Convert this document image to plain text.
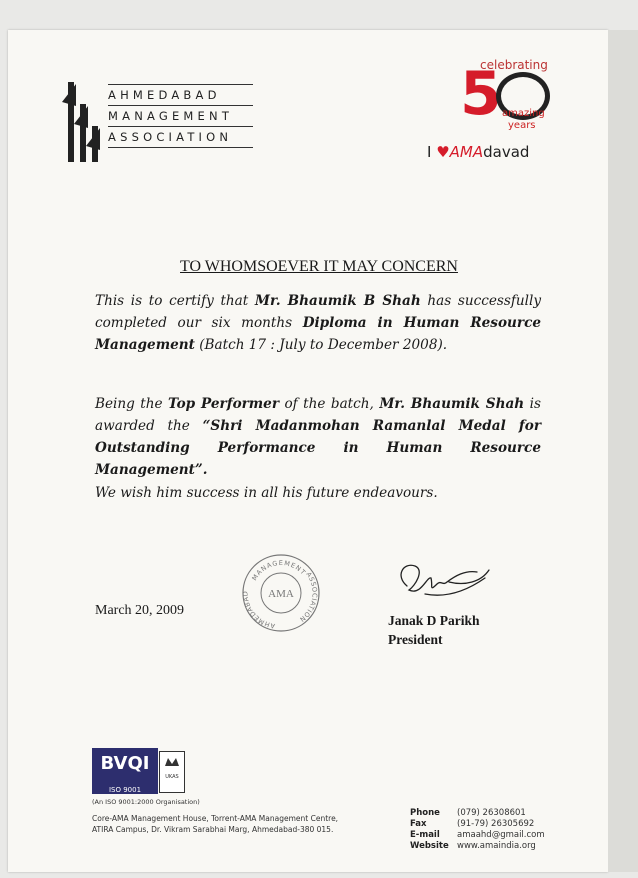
AHMEDABAD
MANAGEMENT
ASSOCIATION
celebrating
5 amazing
years
I ♥AMAdavad
TO WHOMSOEVER IT MAY CONCERN
This is to certify that Mr. Bhaumik B Shah has successfully completed our six months Diploma in Human Resource Management (Batch 17 : July to December 2008).
Being the Top Performer of the batch, Mr. Bhaumik Shah is awarded the “Shri Madanmohan Ramanlal Medal for Outstanding Performance in Human Resource Management”.
We wish him success in all his future endeavours.
MANAGEMENT
AHMEDABAD
ASSOCIATION
AMA
March 20, 2009
Janak D Parikh
President
BVQI
ISO 9001
UKAS
(An ISO 9001:2000 Organisation)
Core-AMA Management House, Torrent-AMA Management Centre,
ATIRA Campus, Dr. Vikram Sarabhai Marg, Ahmedabad-380 015.
Phone	(079) 26308601
Fax	(91-79) 26305692
E-mail	amaahd@gmail.com
Website www.amaindia.org
